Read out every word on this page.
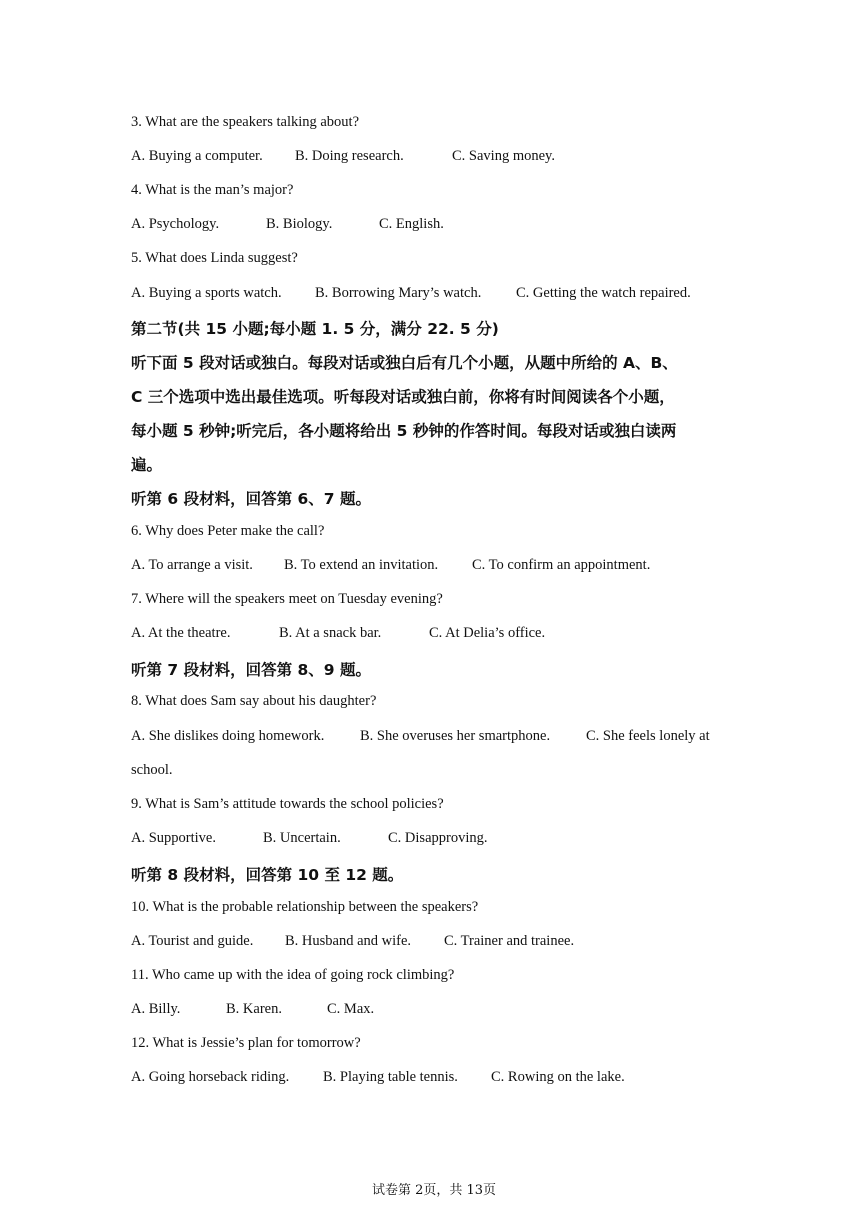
3. What are the speakers talking about?
A. Buying a computer. B. Doing research.	C. Saving money.
4. What is the man’s major?
A. Psychology.	B. Biology.	C. English.
5. What does Linda suggest?
A. Buying a sports watch. B. Borrowing Mary’s watch. C. Getting the watch repaired.
第二节(共 15 小题;每小题 1. 5 分，满分 22. 5 分)
听下面 5 段对话或独白。每段对话或独白后有几个小题，从题中所给的 A、B、
C 三个选项中选出最佳选项。听每段对话或独白前，你将有时间阅读各个小题，
每小题 5 秒钟;听完后，各小题将给出 5 秒钟的作答时间。每段对话或独白读两
遍。
听第 6 段材料，回答第 6、7 题。
6. Why does Peter make the call?
A. To arrange a visit. B. To extend an invitation. C. To confirm an appointment.
7. Where will the speakers meet on Tuesday evening?
A. At the theatre.	B. At a snack bar.	C. At Delia’s office.
听第 7 段材料，回答第 8、9 题。
8. What does Sam say about his daughter?
A. She dislikes doing homework. B. She overuses her smartphone. C. She feels lonely at
school.
9. What is Sam’s attitude towards the school policies?
A. Supportive.	B. Uncertain.	C. Disapproving.
听第 8 段材料，回答第 10 至 12 题。
10. What is the probable relationship between the speakers?
A. Tourist and guide. B. Husband and wife. C. Trainer and trainee.
11. Who came up with the idea of going rock climbing?
A. Billy.	B. Karen.	C. Max.
12. What is Jessie’s plan for tomorrow?
A. Going horseback riding. B. Playing table tennis. C. Rowing on the lake.
试卷第 2页，共 13页
